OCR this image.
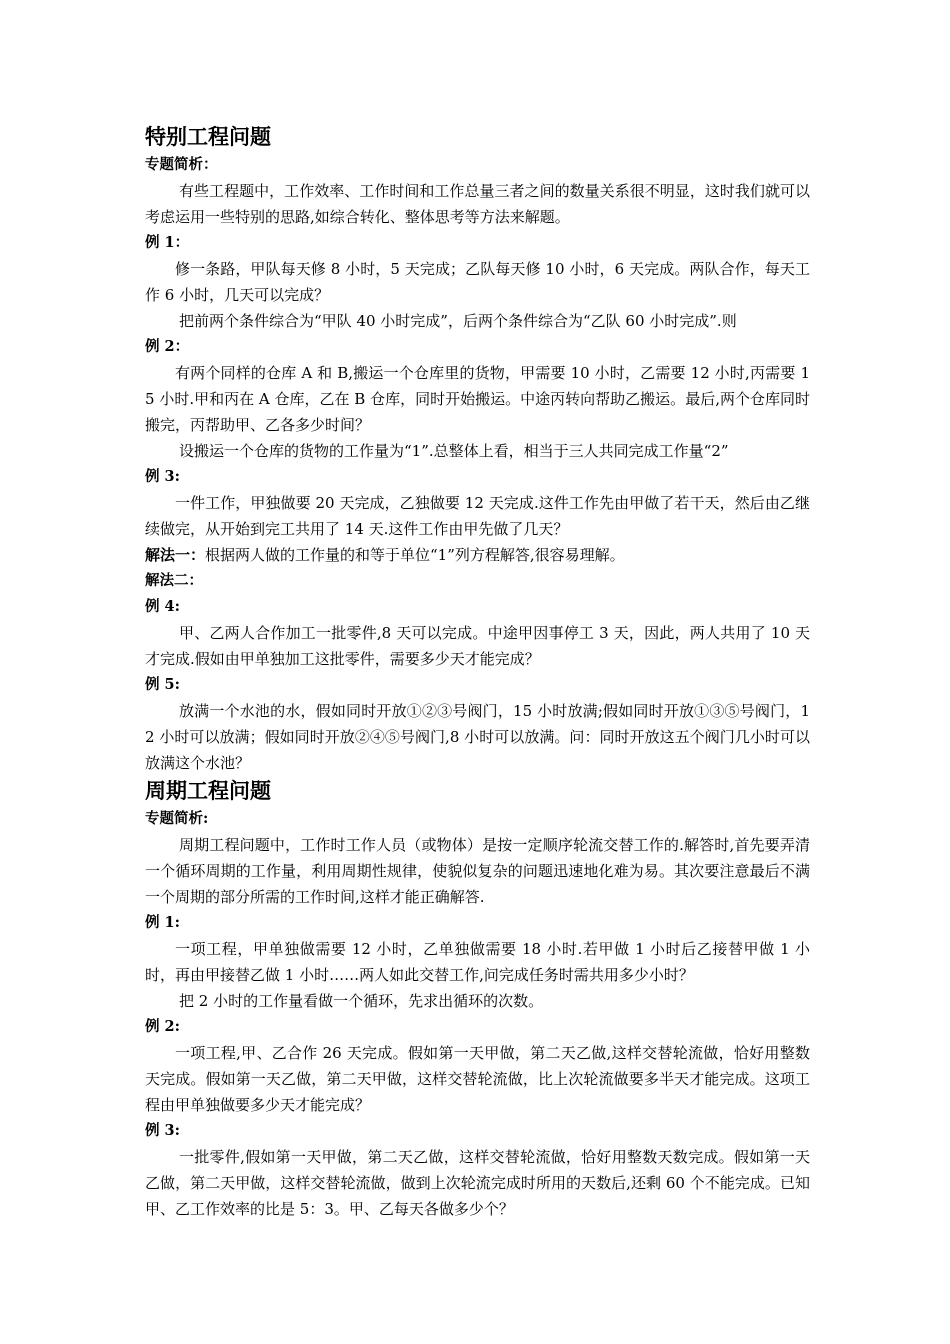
特别工程问题

专题简析：

有些工程题中，工作效率、工作时间和工作总量三者之间的数量关系很不明显，这时我们就可以考虑运用一些特别的思路,如综合转化、整体思考等方法来解题。

例 1：

修一条路，甲队每天修 8 小时，5 天完成；乙队每天修 10 小时，6 天完成。两队合作，每天工作 6 小时，几天可以完成？

把前两个条件综合为“甲队 40 小时完成”，后两个条件综合为“乙队 60 小时完成”.则

例 2：

有两个同样的仓库 A 和 B,搬运一个仓库里的货物，甲需要 10 小时，乙需要 12 小时,丙需要 15 小时.甲和丙在 A 仓库，乙在 B 仓库，同时开始搬运。中途丙转向帮助乙搬运。最后,两个仓库同时搬完，丙帮助甲、乙各多少时间？

设搬运一个仓库的货物的工作量为“1”.总整体上看，相当于三人共同完成工作量“2”

例 3:

一件工作，甲独做要 20 天完成，乙独做要 12 天完成.这件工作先由甲做了若干天，然后由乙继续做完，从开始到完工共用了 14 天.这件工作由甲先做了几天？

解法一：根据两人做的工作量的和等于单位“1”列方程解答,很容易理解。

解法二：

例 4:

甲、乙两人合作加工一批零件,8 天可以完成。中途甲因事停工 3 天，因此，两人共用了 10 天才完成.假如由甲单独加工这批零件，需要多少天才能完成？

例 5:

放满一个水池的水，假如同时开放①②③号阀门，15 小时放满;假如同时开放①③⑤号阀门，12 小时可以放满；假如同时开放②④⑤号阀门,8 小时可以放满。问：同时开放这五个阀门几小时可以放满这个水池？

周期工程问题

专题简析:

周期工程问题中，工作时工作人员（或物体）是按一定顺序轮流交替工作的.解答时,首先要弄清一个循环周期的工作量，利用周期性规律，使貌似复杂的问题迅速地化难为易。其次要注意最后不满一个周期的部分所需的工作时间,这样才能正确解答.

例 1:

一项工程，甲单独做需要 12 小时，乙单独做需要 18 小时.若甲做 1 小时后乙接替甲做 1 小时，再由甲接替乙做 1 小时……两人如此交替工作,问完成任务时需共用多少小时？

把 2 小时的工作量看做一个循环，先求出循环的次数。

例 2:

一项工程,甲、乙合作 26 天完成。假如第一天甲做，第二天乙做,这样交替轮流做，恰好用整数天完成。假如第一天乙做，第二天甲做，这样交替轮流做，比上次轮流做要多半天才能完成。这项工程由甲单独做要多少天才能完成？

例 3:

一批零件,假如第一天甲做，第二天乙做，这样交替轮流做，恰好用整数天数完成。假如第一天乙做，第二天甲做，这样交替轮流做，做到上次轮流完成时所用的天数后,还剩 60 个不能完成。已知甲、乙工作效率的比是 5：3。甲、乙每天各做多少个？
